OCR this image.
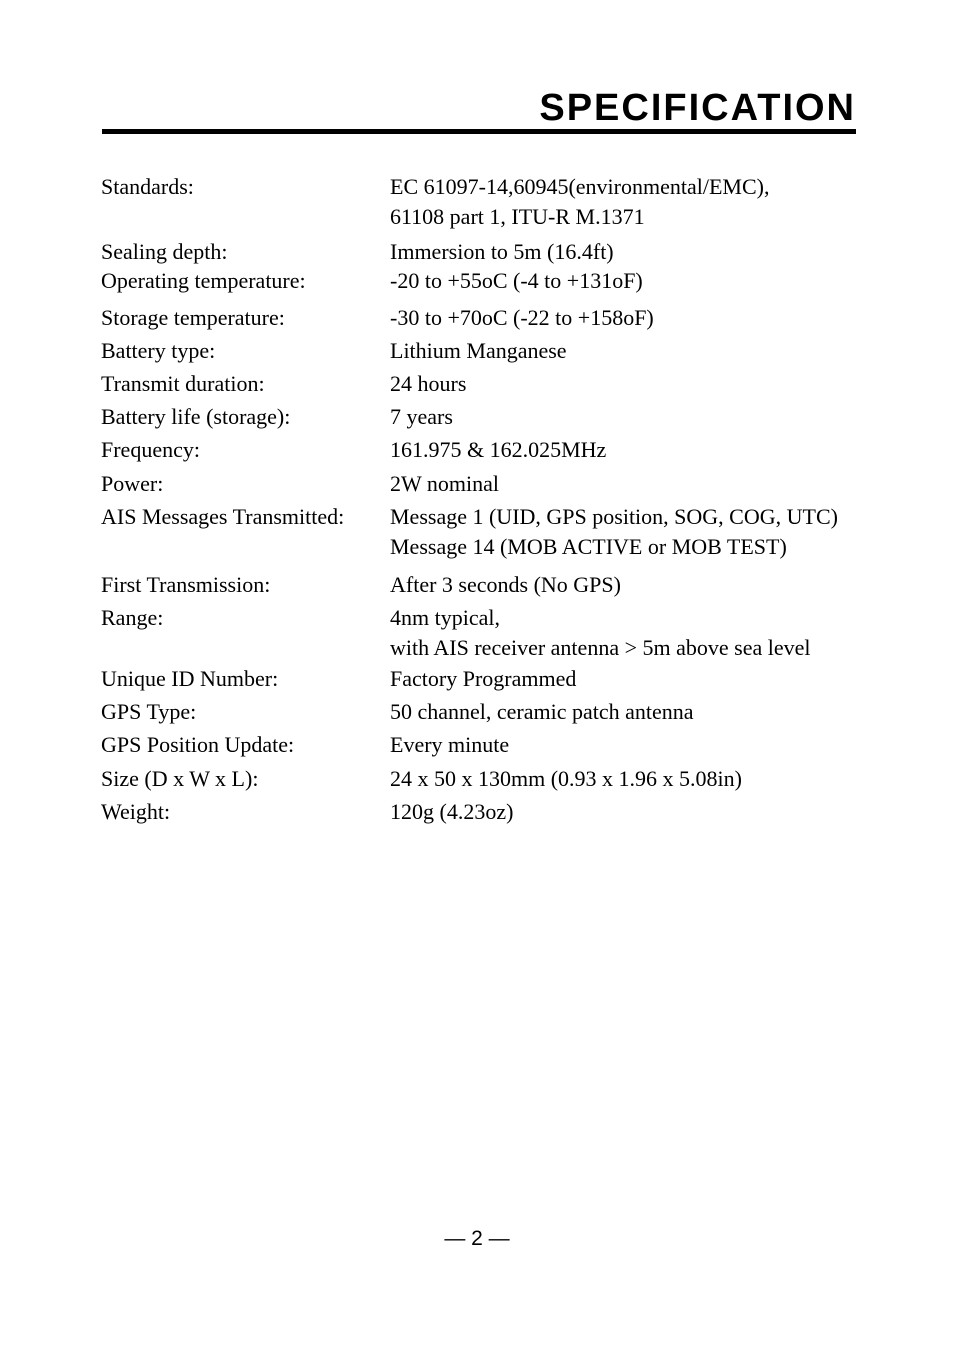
SPECIFICATION
Standards:	EC 61097-14,60945(environmental/EMC),
61108 part 1, ITU-R M.1371
Sealing depth:	Immersion to 5m (16.4ft)
Operating temperature:	-20 to +55oC (-4 to +131oF)
Storage temperature:	-30 to +70oC (-22 to +158oF)
Battery type:	Lithium Manganese
Transmit duration:	24 hours
Battery life (storage):	7 years
Frequency:	161.975 & 162.025MHz
Power:	2W nominal
AIS Messages Transmitted: Message 1 (UID, GPS position, SOG, COG, UTC)
Message 14 (MOB ACTIVE or MOB TEST)
First Transmission:	After 3 seconds (No GPS)
Range:	4nm typical,
with AIS receiver antenna > 5m above sea level
Unique ID Number:	Factory Programmed
GPS Type:	50 channel, ceramic patch antenna
GPS Position Update:	Every minute
Size (D x W x L):	24 x 50 x 130mm (0.93 x 1.96 x 5.08in)
Weight:	120g (4.23oz)
— 2 —
